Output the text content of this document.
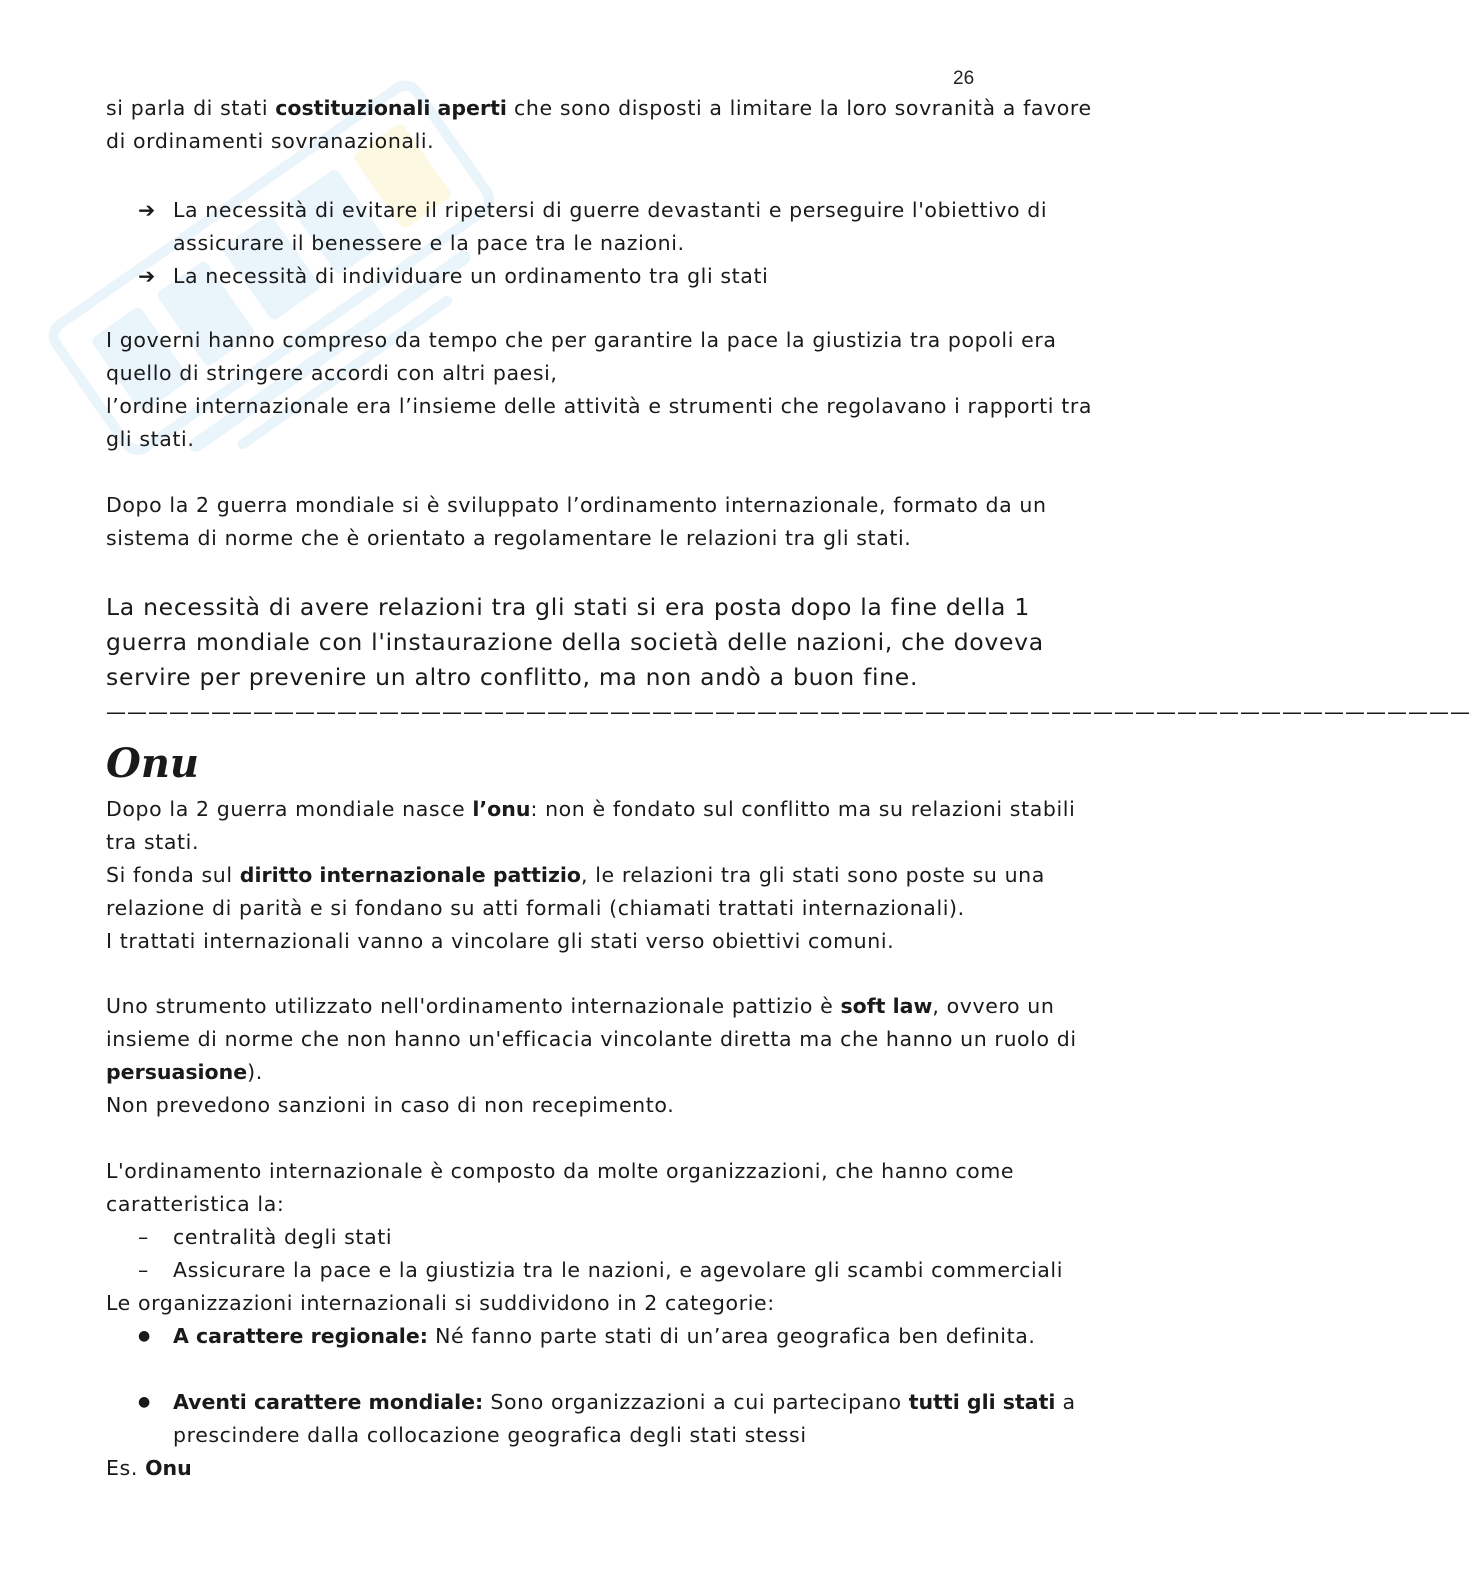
26

si parla di stati costituzionali aperti che sono disposti a limitare la loro sovranità a favore di ordinamenti sovranazionali.

➔ La necessità di evitare il ripetersi di guerre devastanti e perseguire l'obiettivo di assicurare il benessere e la pace tra le nazioni.
➔ La necessità di individuare un ordinamento tra gli stati

I governi hanno compreso da tempo che per garantire la pace la giustizia tra popoli era quello di stringere accordi con altri paesi,

l’ordine internazionale era l’insieme delle attività e strumenti che regolavano i rapporti tra gli stati.

Dopo la 2 guerra mondiale si è sviluppato l’ordinamento internazionale, formato da un sistema di norme che è orientato a regolamentare le relazioni tra gli stati.

La necessità di avere relazioni tra gli stati si era posta dopo la fine della 1 guerra mondiale con l'instaurazione della società delle nazioni, che doveva servire per prevenire un altro conflitto, ma non andò a buon fine.

—————————————————————————————————————————————————————————————————
Onu

Dopo la 2 guerra mondiale nasce l’onu: non è fondato sul conflitto ma su relazioni stabili tra stati.

Si fonda sul diritto internazionale pattizio, le relazioni tra gli stati sono poste su una relazione di parità e si fondano su atti formali (chiamati trattati internazionali).

I trattati internazionali vanno a vincolare gli stati verso obiettivi comuni.

Uno strumento utilizzato nell'ordinamento internazionale pattizio è soft law, ovvero un insieme di norme che non hanno un'efficacia vincolante diretta ma che hanno un ruolo di persuasione).

Non prevedono sanzioni in caso di non recepimento.

L'ordinamento internazionale è composto da molte organizzazioni, che hanno come caratteristica la:

– centralità degli stati
– Assicurare la pace e la giustizia tra le nazioni, e agevolare gli scambi commerciali

Le organizzazioni internazionali si suddividono in 2 categorie:

● A carattere regionale: Né fanno parte stati di un’area geografica ben definita.
● Aventi carattere mondiale: Sono organizzazioni a cui partecipano tutti gli stati a prescindere dalla collocazione geografica degli stati stessi

Es. Onu
